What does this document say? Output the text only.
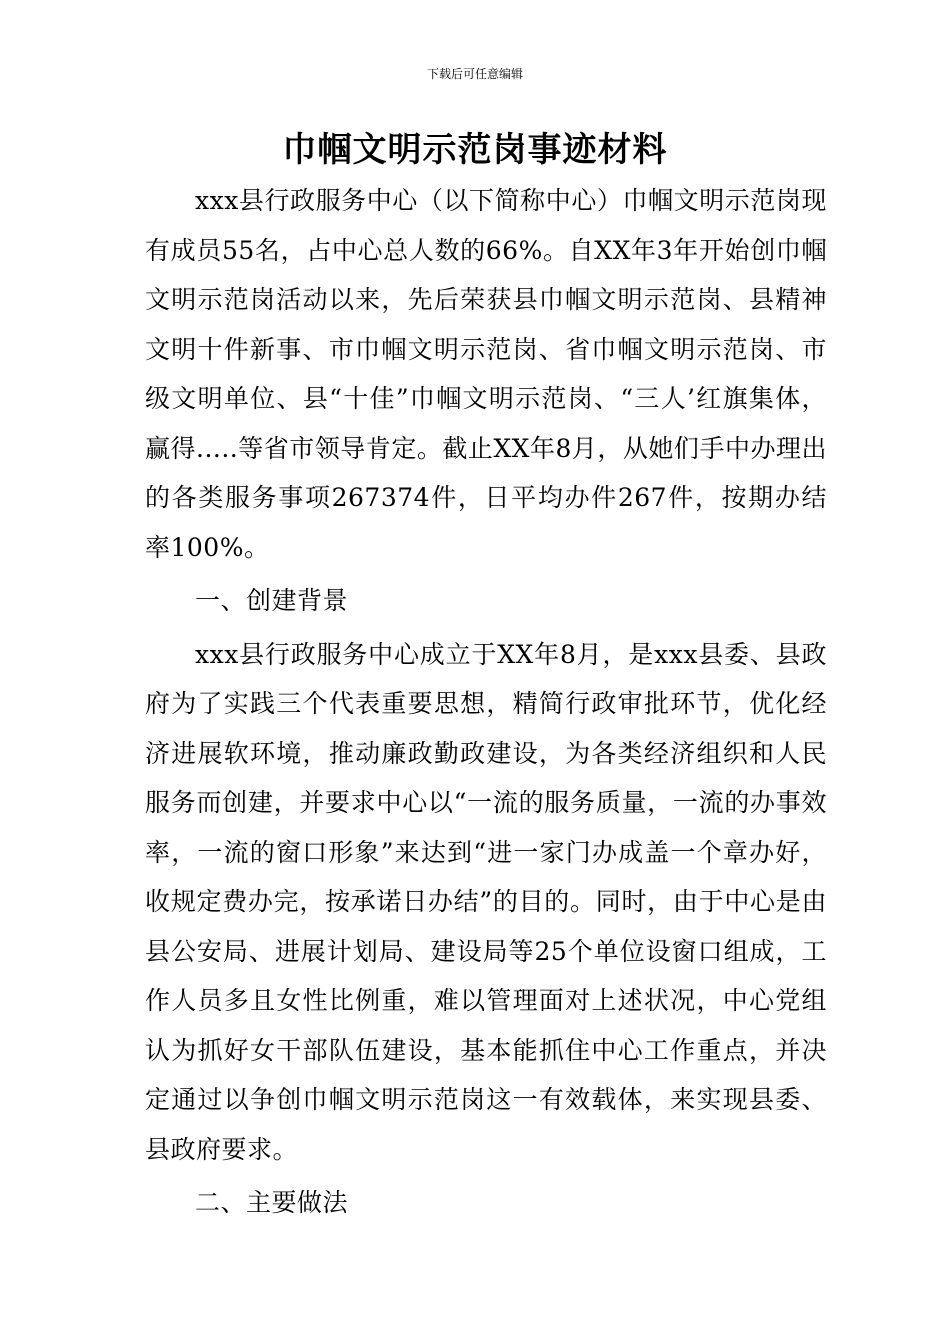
下载后可任意编辑
巾帼文明示范岗事迹材料

xxx县行政服务中心（以下简称中心）巾帼文明示范岗现有成员55名，占中心总人数的66%。自XX年3年开始创巾帼文明示范岗活动以来，先后荣获县巾帼文明示范岗、县精神文明十件新事、市巾帼文明示范岗、省巾帼文明示范岗、市级文明单位、县“十佳”巾帼文明示范岗、“三人’红旗集体，赢得.....等省市领导肯定。截止XX年8月，从她们手中办理出的各类服务事项267374件，日平均办件267件，按期办结率100%。

一、创建背景

xxx县行政服务中心成立于XX年8月，是xxx县委、县政府为了实践三个代表重要思想，精简行政审批环节，优化经济进展软环境，推动廉政勤政建设，为各类经济组织和人民服务而创建，并要求中心以“一流的服务质量，一流的办事效率，一流的窗口形象”来达到“进一家门办成盖一个章办好，收规定费办完，按承诺日办结”的目的。同时，由于中心是由县公安局、进展计划局、建设局等25个单位设窗口组成，工作人员多且女性比例重，难以管理面对上述状况，中心党组认为抓好女干部队伍建设，基本能抓住中心工作重点，并决定通过以争创巾帼文明示范岗这一有效载体，来实现县委、县政府要求。

二、主要做法
